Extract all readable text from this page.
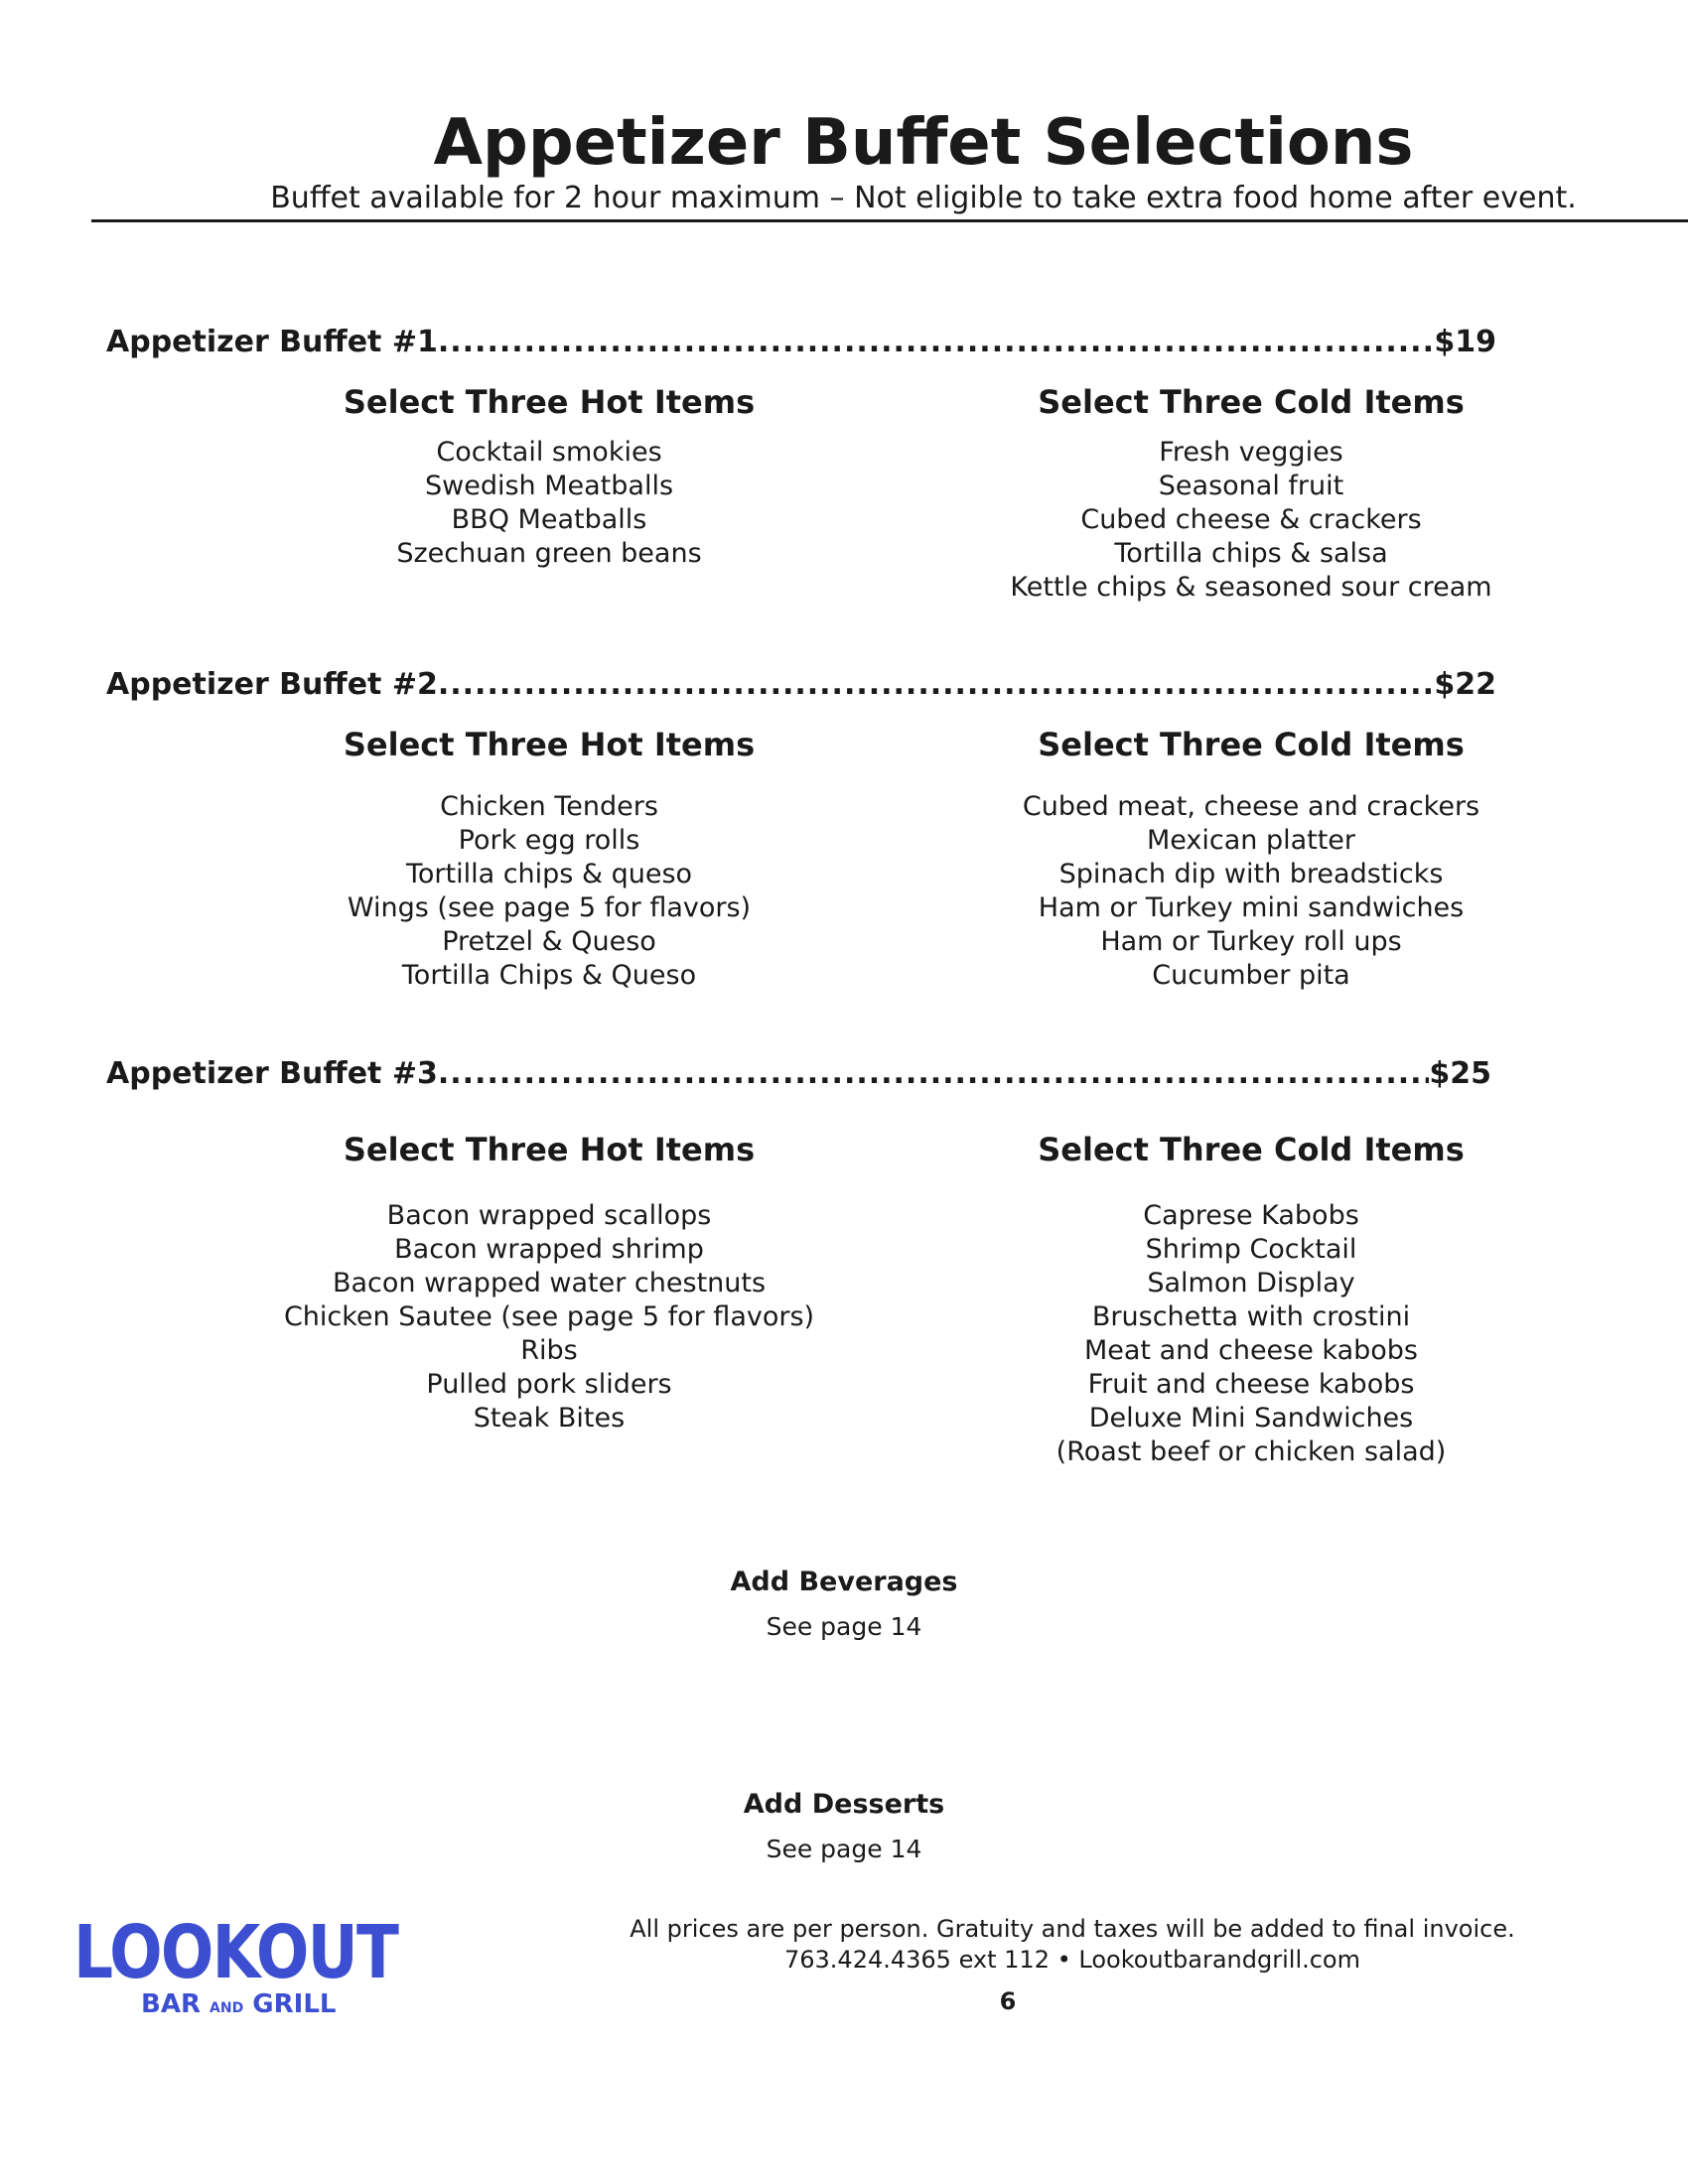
Appetizer Buffet Selections
Buffet available for 2 hour maximum – Not eligible to take extra food home after event.
Appetizer Buffet #1 .....	$19
Select Three Hot Items
Cocktail smokies
Swedish Meatballs
BBQ Meatballs
Szechuan green beans
Select Three Cold Items
Fresh veggies
Seasonal fruit
Cubed cheese & crackers
Tortilla chips & salsa
Kettle chips & seasoned sour cream
Appetizer Buffet #2 .....	$22
Select Three Hot Items
Chicken Tenders
Pork egg rolls
Tortilla chips & queso
Wings (see page 5 for flavors)
Pretzel & Queso
Tortilla Chips & Queso
Select Three Cold Items
Cubed meat, cheese and crackers
Mexican platter
Spinach dip with breadsticks
Ham or Turkey mini sandwiches
Ham or Turkey roll ups
Cucumber pita
Appetizer Buffet #3 .....	$25
Select Three Hot Items
Bacon wrapped scallops
Bacon wrapped shrimp
Bacon wrapped water chestnuts
Chicken Sautee (see page 5 for flavors)
Ribs
Pulled pork sliders
Steak Bites
Select Three Cold Items
Caprese Kabobs
Shrimp Cocktail
Salmon Display
Bruschetta with crostini
Meat and cheese kabobs
Fruit and cheese kabobs
Deluxe Mini Sandwiches
(Roast beef or chicken salad)
Add Beverages
See page 14
Add Desserts
See page 14
LOOKOUT
BAR AND GRILL
All prices are per person. Gratuity and taxes will be added to final invoice.
763.424.4365 ext 112 • Lookoutbarandgrill.com
6
